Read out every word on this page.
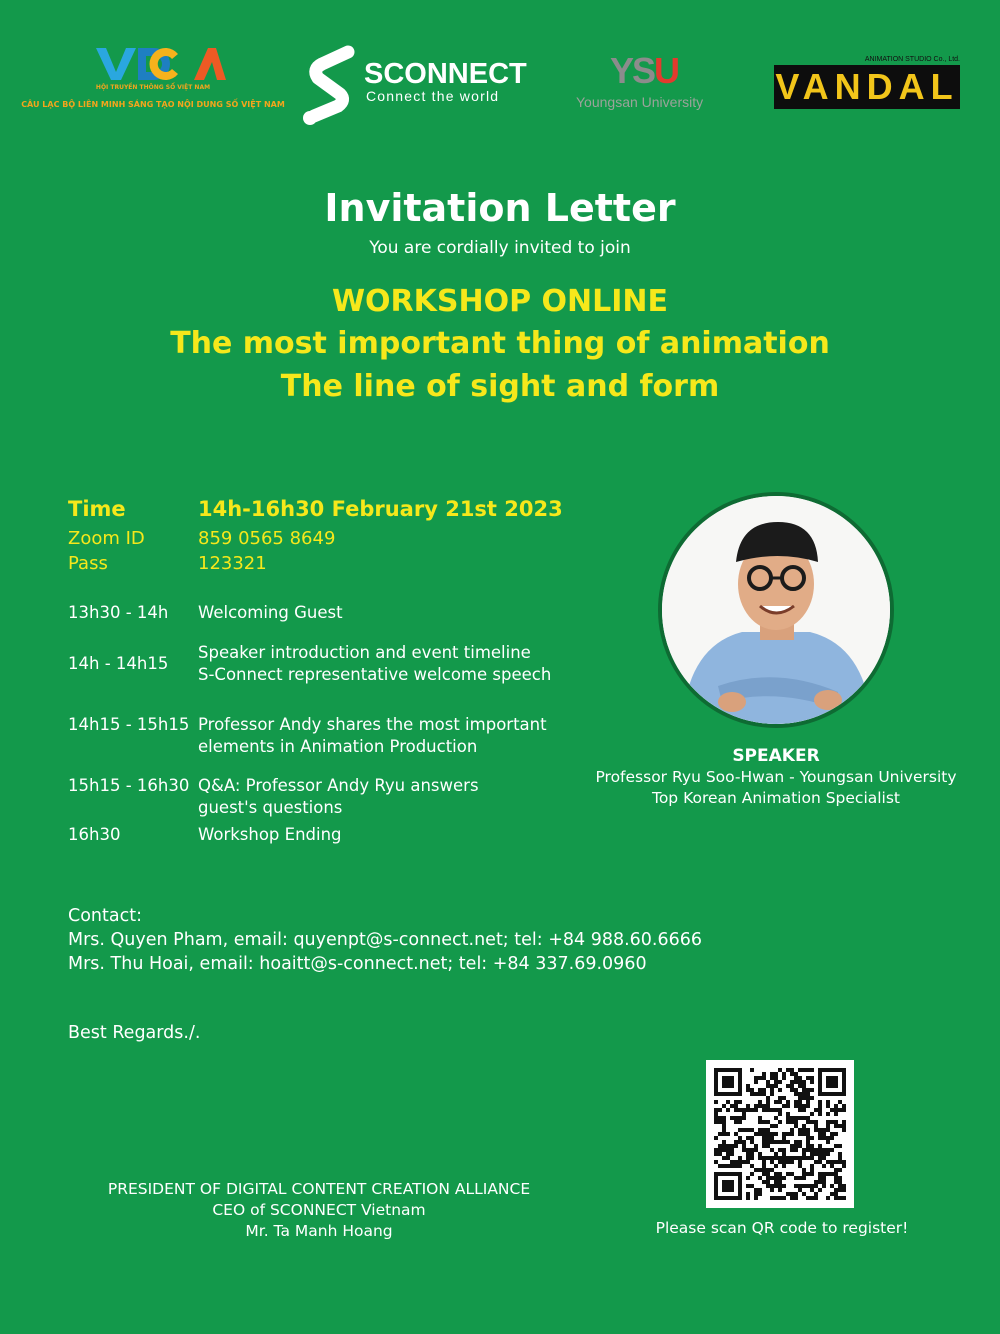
HỘI TRUYỀN THÔNG SỐ VIỆT NAM
CÂU LẠC BỘ LIÊN MINH SÁNG TẠO NỘI DUNG SỐ VIỆT NAM
SCONNECT
Connect the world
YSU
Youngsan University
ANIMATION STUDIO Co., Ltd.
VANDAL
Invitation Letter
You are cordially invited to join
WORKSHOP ONLINE
The most important thing of animation
The line of sight and form
Time	14h-16h30 February 21st 2023
Zoom ID	859 0565 8649
Pass	123321
13h30 - 14h Welcoming Guest
14h - 14h15
Speaker introduction and event timeline
S-Connect representative welcome speech
14h15 - 15h15 Professor Andy shares the most important
elements in Animation Production
15h15 - 16h30 Q&A: Professor Andy Ryu answers
guest's questions
16h30	Workshop Ending
SPEAKER
Professor Ryu Soo-Hwan - Youngsan University
Top Korean Animation Specialist
Contact:
Mrs. Quyen Pham, email: quyenpt@s-connect.net; tel: +84 988.60.6666
Mrs. Thu Hoai, email: hoaitt@s-connect.net; tel: +84 337.69.0960
Best Regards./.
PRESIDENT OF DIGITAL CONTENT CREATION ALLIANCE
CEO of SCONNECT Vietnam
Mr. Ta Manh Hoang	Please scan QR code to register!
